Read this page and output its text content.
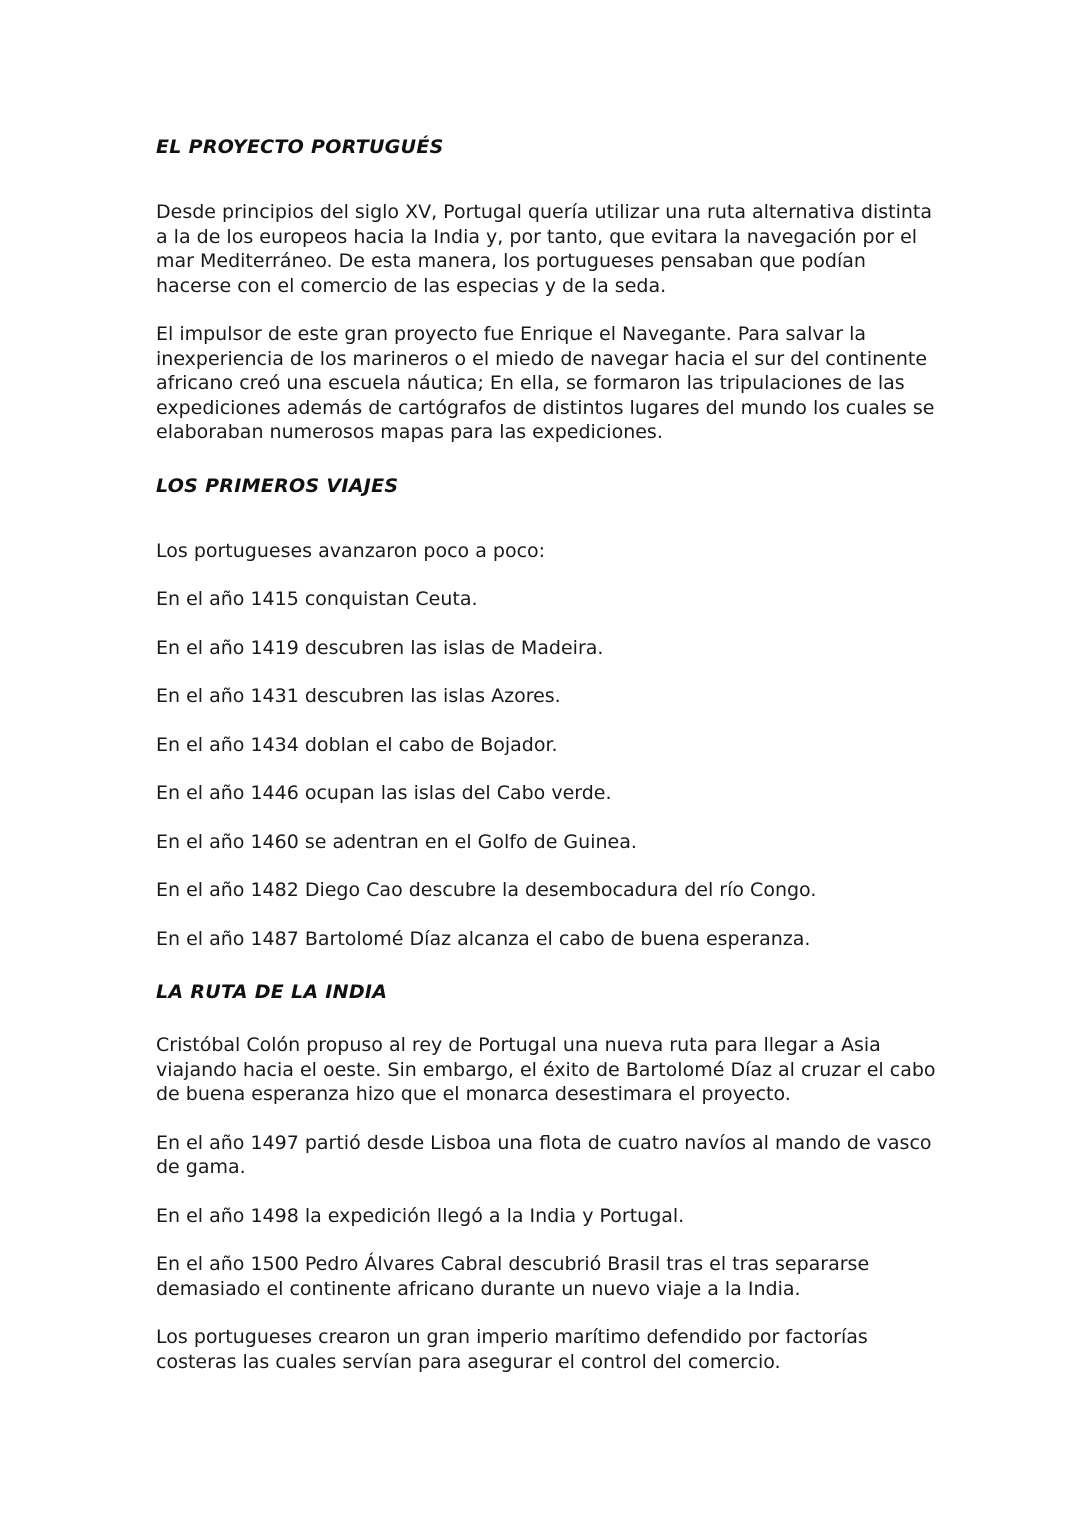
EL PROYECTO PORTUGUÉS

Desde principios del siglo XV, Portugal quería utilizar una ruta alternativa distinta a la de los europeos hacia la India y, por tanto, que evitara la navegación por el mar Mediterráneo. De esta manera, los portugueses pensaban que podían hacerse con el comercio de las especias y de la seda.

El impulsor de este gran proyecto fue Enrique el Navegante. Para salvar la inexperiencia de los marineros o el miedo de navegar hacia el sur del continente africano creó una escuela náutica; En ella, se formaron las tripulaciones de las expediciones además de cartógrafos de distintos lugares del mundo los cuales se elaboraban numerosos mapas para las expediciones.

LOS PRIMEROS VIAJES

Los portugueses avanzaron poco a poco:

En el año 1415 conquistan Ceuta.

En el año 1419 descubren las islas de Madeira.

En el año 1431 descubren las islas Azores.

En el año 1434 doblan el cabo de Bojador.

En el año 1446 ocupan las islas del Cabo verde.

En el año 1460 se adentran en el Golfo de Guinea.

En el año 1482 Diego Cao descubre la desembocadura del río Congo.

En el año 1487 Bartolomé Díaz alcanza el cabo de buena esperanza.

LA RUTA DE LA INDIA

Cristóbal Colón propuso al rey de Portugal una nueva ruta para llegar a Asia viajando hacia el oeste. Sin embargo, el éxito de Bartolomé Díaz al cruzar el cabo de buena esperanza hizo que el monarca desestimara el proyecto.

En el año 1497 partió desde Lisboa una flota de cuatro navíos al mando de vasco de gama.

En el año 1498 la expedición llegó a la India y Portugal.

En el año 1500 Pedro Álvares Cabral descubrió Brasil tras el tras separarse demasiado el continente africano durante un nuevo viaje a la India.

Los portugueses crearon un gran imperio marítimo defendido por factorías costeras las cuales servían para asegurar el control del comercio.
